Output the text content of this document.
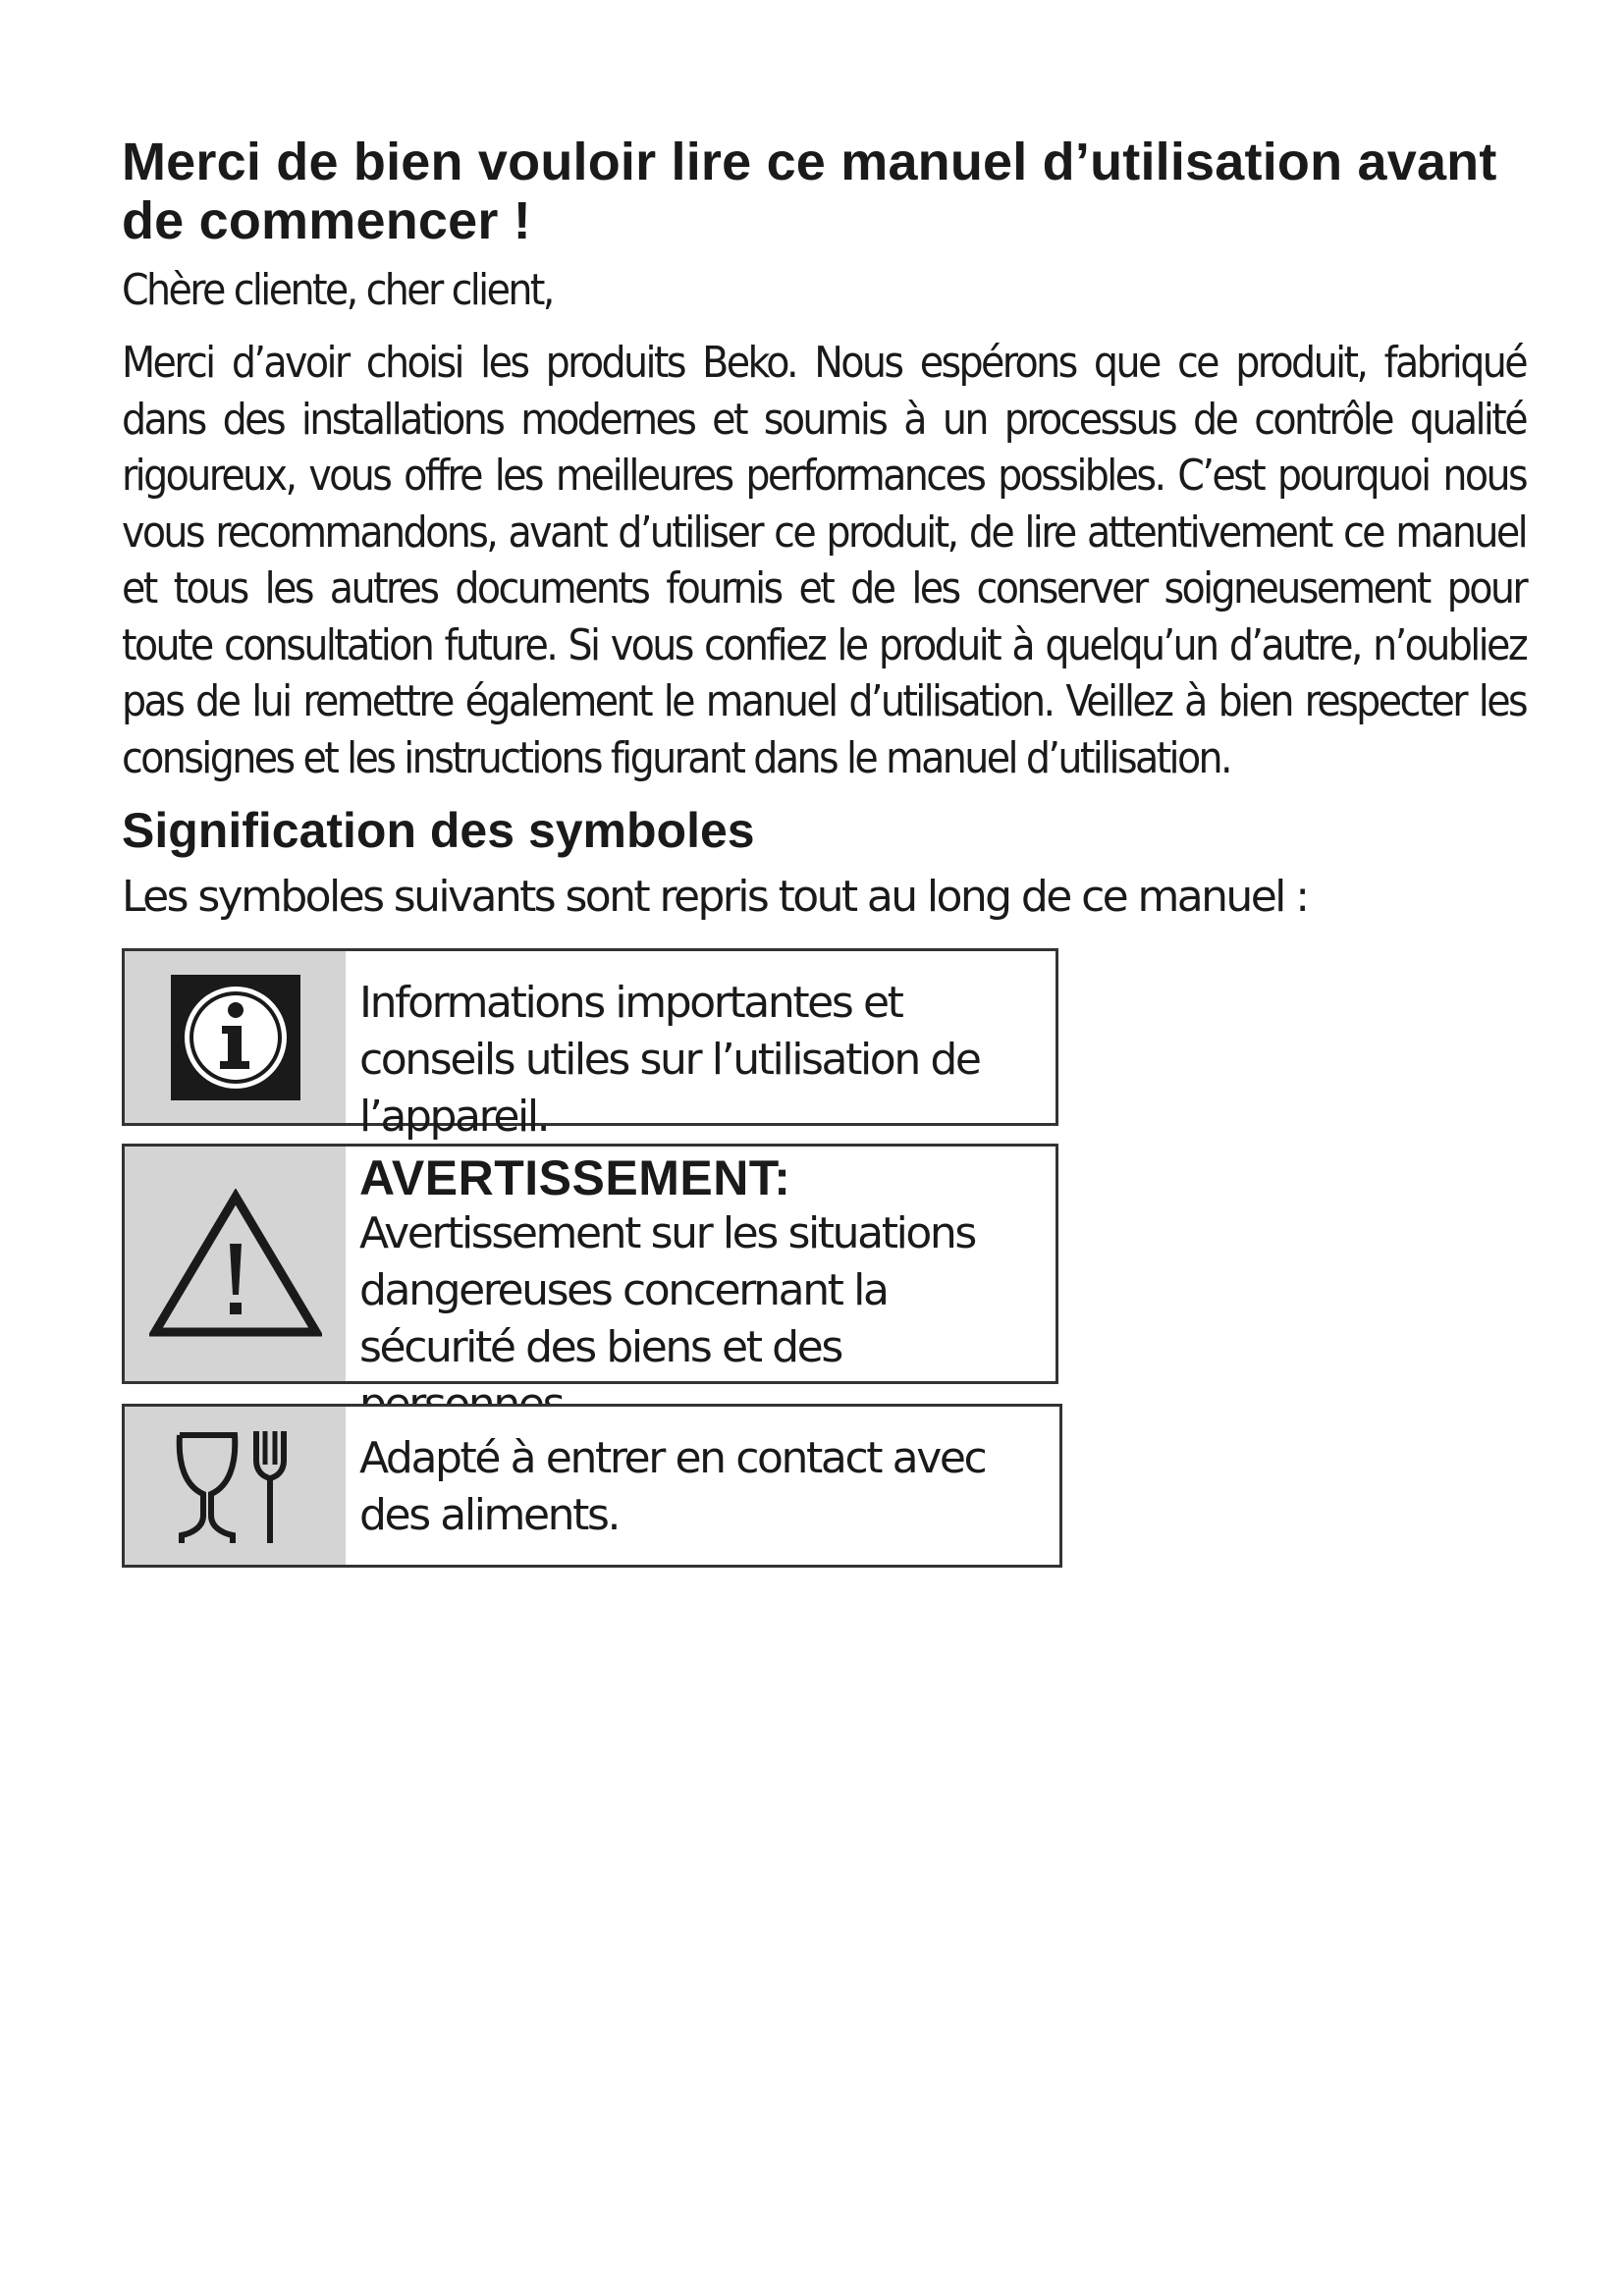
Merci de bien vouloir lire ce manuel d’utilisation avant
de commencer !

Chère cliente, cher client,

Merci d’avoir choisi les produits Beko. Nous espérons que ce produit, fabriqué dans des installations modernes et soumis à un processus de contrôle qualité rigoureux, vous offre les meilleures performances possibles. C’est pourquoi nous vous recommandons, avant d’utiliser ce produit, de lire attentivement ce manuel et tous les autres documents fournis et de les conserver soigneusement pour toute consultation future. Si vous confiez le produit à quelqu’un d’autre, n’oubliez pas de lui remettre également le manuel d’utilisation. Veillez à bien respecter les consignes et les instructions figurant dans le manuel d’utilisation.

Signification des symboles

Les symboles suivants sont repris tout au long de ce manuel :

Informations importantes et conseils utiles sur l’utilisation de l’appareil.
AVERTISSEMENT:
Avertissement sur les situations dangereuses concernant la sécurité des biens et des
Adapté à entrer en contact avec des aliments.
